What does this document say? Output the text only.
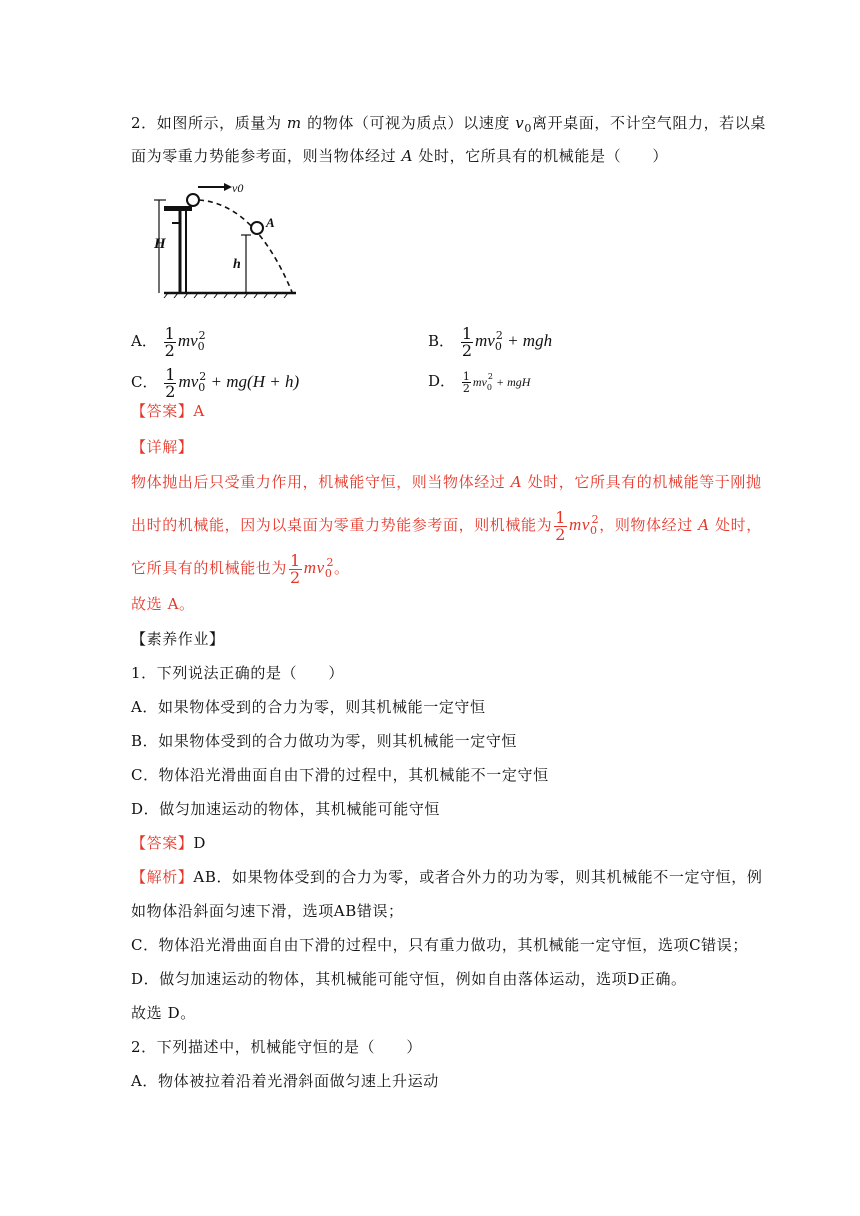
2．如图所示，质量为 m 的物体（可视为质点）以速度 $v_0$离开桌面，不计空气阻力，若以桌
面为零重力势能参考面，则当物体经过 A 处时，它所具有的机械能是（　　）
H
v0
A
h
A． $\frac{1}{2} mv_0^2$	B． $\frac{1}{2} mv_0^2$ + mgh
C． $\frac{1}{2} mv_0^2 + mg(H + h)$	D． $\frac{1}{2} mv_0^2$ + mgH
【答案】A
【详解】
物体抛出后只受重力作用，机械能守恒，则当物体经过 A 处时，它所具有的机械能等于刚抛
出时的机械能，因为以桌面为零重力势能参考面，则机械能为 $\frac{1}{2} mv_0^2$，则物体经过 A 处时，
它所具有的机械能也为 $\frac{1}{2} mv_0^2$。
故选 A。
【素养作业】
1．下列说法正确的是（　　）
A．如果物体受到的合力为零，则其机械能一定守恒
B．如果物体受到的合力做功为零，则其机械能一定守恒
C．物体沿光滑曲面自由下滑的过程中，其机械能不一定守恒
D．做匀加速运动的物体，其机械能可能守恒
【答案】D
【解析】AB．如果物体受到的合力为零，或者合外力的功为零，则其机械能不一定守恒，例
如物体沿斜面匀速下滑，选项AB错误；
C．物体沿光滑曲面自由下滑的过程中，只有重力做功，其机械能一定守恒，选项C错误；
D．做匀加速运动的物体，其机械能可能守恒，例如自由落体运动，选项D正确。
故选 D。
2．下列描述中，机械能守恒的是（　　）
A．物体被拉着沿着光滑斜面做匀速上升运动
